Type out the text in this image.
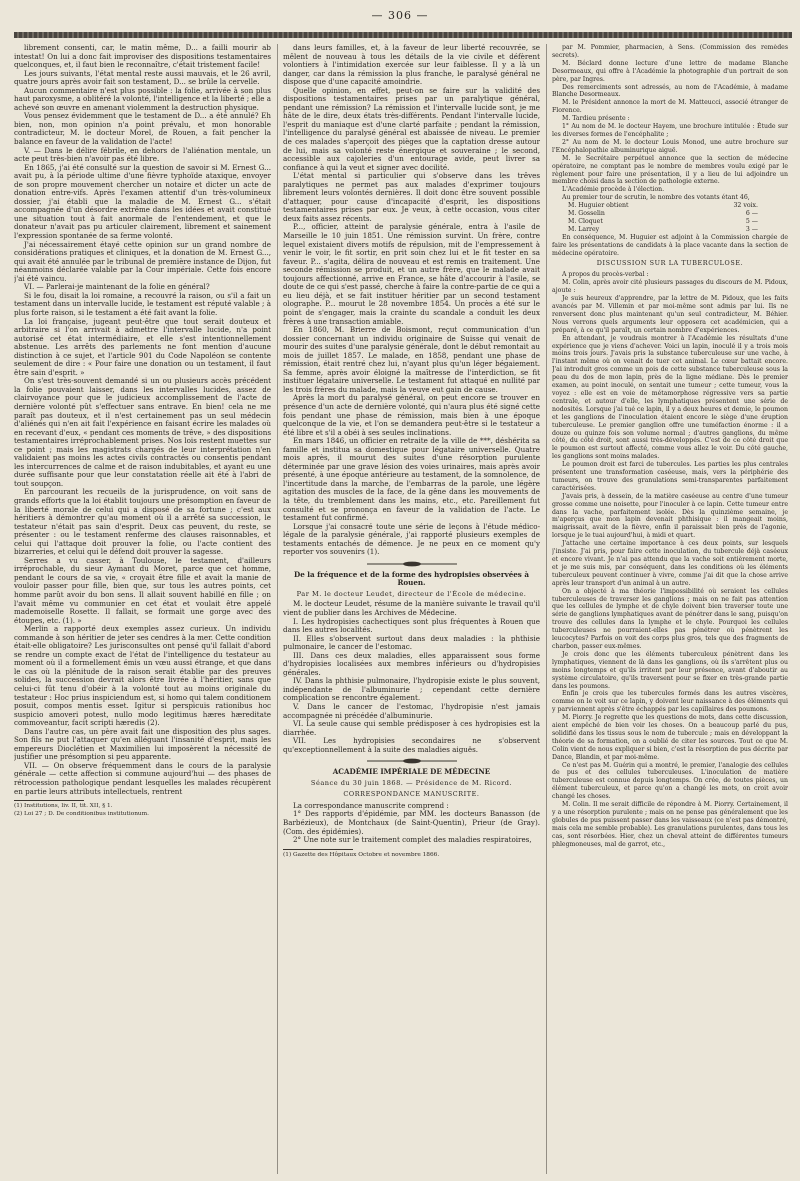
— 306 —

librement consenti, car, le matin même, D... a failli mourir ab intestat! On lui a donc fait improviser des dispositions testamentaires quelconques, et, il faut bien le reconnaître, c'était tristement facile!

Les jours suivants, l'état mental reste aussi mauvais, et le 26 avril, quatre jours après avoir fait son testament, D... se brûle la cervelle.

Aucun commentaire n'est plus possible : la folie, arrivée à son plus haut paroxysme, a oblitéré la volonté, l'intelligence et la liberté ; elle a achevé son œuvre en amenant violemment la destruction physique.

Vous pensez évidemment que le testament de D... a été annulé? Eh bien, non, mon opinion n'a point prévalu, et mon honorable contradicteur, M. le docteur Morel, de Rouen, a fait pencher la balance en faveur de la validation de l'acte!

V. — Dans le délire fébrile, en dehors de l'aliénation mentale, un acte peut très-bien n'avoir pas été libre.

En 1865, j'ai été consulté sur la question de savoir si M. Ernest G... avait pu, à la période ultime d'une fièvre typhoïde ataxique, envoyer de son propre mouvement chercher un notaire et dicter un acte de donation entre-vifs. Après l'examen attentif d'un très-volumineux dossier, j'ai établi que la maladie de M. Ernest G... s'était accompagnée d'un désordre extrême dans les idées et avait constitué une situation tout à fait anormale de l'entendement, et que le donateur n'avait pas pu articuler clairement, librement et sainement l'expression spontanée de sa ferme volonté.

J'ai nécessairement étayé cette opinion sur un grand nombre de considérations pratiques et cliniques, et la donation de M. Ernest G..., qui avait été annulée par le tribunal de première instance de Dijon, fut néanmoins déclarée valable par la Cour impériale. Cette fois encore j'ai été vaincu.

VI. — Parlerai-je maintenant de la folie en général?

Si le fou, disait la loi romaine, a recouvré la raison, ou s'il a fait un testament dans un intervalle lucide, le testament est réputé valable ; à plus forte raison, si le testament a été fait avant la folie.

La loi française, jugeant peut-être que tout serait douteux et arbitraire si l'on arrivait à admettre l'intervalle lucide, n'a point autorisé cet état intermédiaire, et elle s'est intentionnellement abstenue. Les arrêts des parlements ne font mention d'aucune distinction à ce sujet, et l'article 901 du Code Napoléon se contente seulement de dire : « Pour faire une donation ou un testament, il faut être sain d'esprit. »

On s'est très-souvent demandé si un ou plusieurs accès précédent la folie pouvaient laisser, dans les intervalles lucides, assez de clairvoyance pour que le judicieux accomplissement de l'acte de dernière volonté pût s'effectuer sans entrave. En bien! cela ne me paraît pas douteux, et il n'est certainement pas un seul médecin d'aliénés qui n'en ait fait l'expérience en faisant écrire les malades où en recevant d'eux, « pendant ces moments de trêve, » des dispositions testamentaires irréprochablement prises. Nos lois restent muettes sur ce point ; mais les magistrats chargés de leur interprétation n'en validaient pas moins les actes civils contractés ou consentis pendant les intercurrences de calme et de raison indubitables, et ayant eu une durée suffisante pour que leur constatation réelle ait été à l'abri de tout soupçon.

En parcourant les recueils de la jurisprudence, on voit sans de grands efforts que la loi établit toujours une présomption en faveur de la liberté morale de celui qui a disposé de sa fortune ; c'est aux héritiers à démontrer qu'au moment où il a arrêté sa succession, le testateur n'était pas sain d'esprit. Deux cas peuvent, du reste, se présenter : ou le testament renferme des clauses raisonnables, et celui qui l'attaque doit prouver la folie, ou l'acte contient des bizarreries, et celui qui le défend doit prouver la sagesse.

Serres a vu casser, à Toulouse, le testament, d'ailleurs irréprochable, du sieur Aymant du Moret, parce que cet homme, pendant le cours de sa vie, « croyait être fille et avait la manie de vouloir passer pour fille, bien que, sur tous les autres points, cet homme parût avoir du bon sens. Il allait souvent habillé en fille ; on l'avait même vu communier en cet état et voulait être appelé mademoiselle Rosette. Il fallait, se formait une gorge avec des étoupes, etc. (1). »

Merlin a rapporté deux exemples assez curieux. Un individu commande à son héritier de jeter ses cendres à la mer. Cette condition était-elle obligatoire? Les jurisconsultes ont pensé qu'il fallait d'abord se rendre un compte exact de l'état de l'intelligence du testateur au moment où il a formellement émis un vœu aussi étrange, et que dans le cas où la plénitude de la raison serait établie par des preuves solides, la succession devrait alors être livrée à l'héritier, sans que celui-ci fût tenu d'obéir à la volonté tout au moins originale du testateur : Hoc prius inspiciendum est, si homo qui talem conditionem posuit, compos mentis esset. Igitur si perspicuis rationibus hoc suspicio amoveri potest, nullo modo legitimus hæres hæreditate commoveantur, facit scripti hæredis (2).

Dans l'autre cas, un père avait fait une disposition des plus sages. Son fils ne put l'attaquer qu'en alléguant l'insanité d'esprit, mais les empereurs Dioclétien et Maximilien lui imposèrent la nécessité de justifier une présomption si peu apparente.

VII. — On observe fréquemment dans le cours de la paralysie générale — cette affection si commune aujourd'hui — des phases de rétrocession pathologique pendant lesquelles les malades récupèrent en partie leurs attributs intellectuels, rentrent

(1) Institutions, liv. II, tit. XII, § 1.

(2) Loi 27 ; D. De conditionibus institutionum.

dans leurs familles, et, à la faveur de leur liberté recouvrée, se mêlent de nouveau à tous les détails de la vie civile et défèrent volontiers à l'intimidation exercée sur leur faiblesse. Il y a là un danger, car dans la rémission la plus franche, le paralysé général ne dispose que d'une capacité amoindrie.

Quelle opinion, en effet, peut-on se faire sur la validité des dispositions testamentaires prises par un paralytique général, pendant une rémission? La rémission et l'intervalle lucide sont, je me hâte de le dire, deux états très-différents. Pendant l'intervalle lucide, l'esprit du maniaque est d'une clarté parfaite ; pendant la rémission, l'intelligence du paralysé général est abaissée de niveau. Le premier de ces malades s'aperçoit des pièges que la captation dresse autour de lui, mais sa volonté reste énergique et souveraine ; le second, accessible aux cajoleries d'un entourage avide, peut livrer sa confiance à qui la veut et signer avec docilité.

L'état mental si particulier qui s'observe dans les trêves paralytiques ne permet pas aux malades d'exprimer toujours librement leurs volontés dernières. Il doit donc être souvent possible d'attaquer, pour cause d'incapacité d'esprit, les dispositions testamentaires prises par eux. Je veux, à cette occasion, vous citer deux faits assez récents.

P..., officier, atteint de paralysie générale, entra à l'asile de Marseille le 10 juin 1851. Une rémission survint. Un frère, contre lequel existaient divers motifs de répulsion, mit de l'empressement à venir le voir, le fit sortir, en prit soin chez lui et le fit tester en sa faveur. P... s'agita, délira de nouveau et est remis en traitement. Une seconde rémission se produit, et un autre frère, que le malade avait toujours affectionné, arrive en France, se hâte d'accourir à l'asile, se doute de ce qui s'est passé, cherche à faire la contre-partie de ce qui a eu lieu déjà, et se fait instituer héritier par un second testament olographe. P... mourut le 28 novembre 1854. Un procès a été sur le point de s'engager, mais la crainte du scandale a conduit les deux frères à une transaction amiable.

En 1860, M. Brierre de Boismont, reçut communication d'un dossier concernant un individu originaire de Suisse qui venait de mourir des suites d'une paralysie générale, dont le début remontait au mois de juillet 1857. Le malade, en 1858, pendant une phase de rémission, était rentré chez lui, n'ayant plus qu'un léger bégaiement. Sa femme, après avoir éloigné la maîtresse de l'interdiction, se fit instituer légataire universelle. Le testament fut attaqué en nullité par les trois frères du malade, mais la veuve eut gain de cause.

Après la mort du paralysé général, on peut encore se trouver en présence d'un acte de dernière volonté, qui n'aura plus été signé cette fois pendant une phase de rémission, mais bien à une époque quelconque de la vie, et l'on se demandera peut-être si le testateur a été libre et s'il a obéi à ses seules inclinations.

En mars 1846, un officier en retraite de la ville de ***, déshérita sa famille et institua sa domestique pour légataire universelle. Quatre mois après, il mourut des suites d'une résorption purulente déterminée par une grave lésion des voies urinaires, mais après avoir présenté, à une époque antérieure au testament, de la somnolence, de l'incertitude dans la marche, de l'embarras de la parole, une légère agitation des muscles de la face, de la gêne dans les mouvements de la tête, du tremblement dans les mains, etc., etc. Pareillement fut consulté et se prononça en faveur de la validation de l'acte. Le testament fut confirmé.

Lorsque j'ai consacré toute une série de leçons à l'étude médico-légale de la paralysie générale, j'ai rapporté plusieurs exemples de testaments entachés de démence. Je ne peux en ce moment qu'y reporter vos souvenirs (1).

De la fréquence et de la forme des hydropisies observées à Rouen.

Par M. le docteur Leudet, directeur de l'École de médecine.

M. le docteur Leudet, résume de la manière suivante le travail qu'il vient de publier dans les Archives de Médecine.

I. Les hydropisies cachectiques sont plus fréquentes à Rouen que dans les autres localités.

II. Elles s'observent surtout dans deux maladies : la phthisie pulmonaire, le cancer de l'estomac.

III. Dans ces deux maladies, elles apparaissent sous forme d'hydropisies localisées aux membres inférieurs ou d'hydropisies générales.

IV. Dans la phthisie pulmonaire, l'hydropisie existe le plus souvent, indépendante de l'albuminurie ; cependant cette dernière complication se rencontre également.

V. Dans le cancer de l'estomac, l'hydropisie n'est jamais accompagnée ni précédée d'albuminurie.

VI. La seule cause qui semble prédisposer à ces hydropisies est la diarrhée.

VII. Les hydropisies secondaires ne s'observent qu'exceptionnellement à la suite des maladies aiguës.

ACADÉMIE IMPÉRIALE DE MÉDECINE

Séance du 30 juin 1868. — Présidence de M. Ricord.

CORRESPONDANCE MANUSCRITE.

La correspondance manuscrite comprend :

1° Des rapports d'épidémie, par MM. les docteurs Banasson (de Barbézieux), de Montchaux (de Saint-Quentin), Prieur (de Gray). (Com. des épidémies).

2° Une note sur le traitement complet des maladies respiratoires,

(1) Gazette des Hôpitaux Octobre et novembre 1866.

par M. Pommier, pharmacien, à Sens. (Commission des remèdes secrets).

M. Béclard donne lecture d'une lettre de madame Blanche Desormeaux, qui offre à l'Académie la photographie d'un portrait de son père, par Ingres.

Des remerciments sont adressés, au nom de l'Académie, à madame Blanche Desormeaux.

M. le Président annonce la mort de M. Matteucci, associé étranger de Florence.

M. Tardieu présente :

1° Au nom de M. le docteur Hayem, une brochure intitulée : Étude sur les diverses formes de l'encéphalite ;

2° Au nom de M. le docteur Louis Monod, une autre brochure sur l'Encéphalopathie albuminurique aiguë.

M. le Secrétaire perpétuel annonce que la section de médecine opératoire, ne comptant pas le nombre de membres voulu exigé par le règlement pour faire une présentation, il y a lieu de lui adjoindre un membre choisi dans la section de pathologie externe.

L'Académie procède à l'élection.

Au premier tour de scrutin, le nombre des votants étant 46,

M. Huguier obtient	32 voix.
M. Gosselin	6 —
M. Cloquet	5 —
M. Larrey	3 —

En conséquence, M. Huguier est adjoint à la Commission chargée de faire les présentations de candidats à la place vacante dans la section de médecine opératoire.

DISCUSSION SUR LA TUBERCULOSE.

A propos du procès-verbal :

M. Colin, après avoir cité plusieurs passages du discours de M. Pidoux, ajoute :

Je suis heureux d'apprendre, par la lettre de M. Pidoux, que les faits avancés par M. Villemin et par moi-même sont admis par lui. Ils ne renversent donc plus maintenant qu'un seul contradicteur, M. Béhier. Nous verrons quels arguments leur opposera cet académicien, qui a préparé, à ce qu'il paraît, un certain nombre d'expériences.

En attendant, je voudrais montrer à l'Académie les résultats d'une expérience que je viens d'achever. Voici un lapin, inoculé il y a trois mois moins trois jours. J'avais pris la substance tuberculeuse sur une vache, à l'instant même où on venait de tuer cet animal. Le cœur battait encore. J'ai introduit gros comme un pois de cette substance tuberculeuse sous la peau du dos de mon lapin, près de la ligne médiane. Dès le premier examen, au point inoculé, on sentait une tumeur ; cette tumeur, vous la voyez : elle est en voie de métamorphose régressive vers sa partie centrale, et autour d'elle, les lymphatiques présentent une série de nodosités. Lorsque j'ai tué ce lapin, il y a deux heures et demie, le poumon et les ganglions de l'inoculation étaient encore le siège d'une éruption tuberculeuse. Le premier ganglion offre une tuméfaction énorme : il a douze ou quinze fois son volume normal ; d'autres ganglions, du même côté, du côté droit, sont aussi très-développés. C'est de ce côté droit que le poumon est surtout affecté, comme vous allez le voir. Du côté gauche, les ganglions sont moins malades.

Le poumon droit est farci de tubercules. Les parties les plus centrales présentent une transformation caséeuse, mais, vers la périphérie des tumeurs, on trouve des granulations semi-transparentes parfaitement caractérisées.

J'avais pris, à dessein, de la matière caséeuse au centre d'une tumeur grosse comme une noisette, pour l'inoculer à ce lapin. Cette tumeur entre dans la vache, parfaitement isolée. Dès la quinzième semaine, je m'aperçus que mon lapin devenait phthisique : il mangeait moins, maigrissait, avait de la fièvre, enfin il paraissait bien près de l'agonie, lorsque je le tuai aujourd'hui, à midi et quart.

J'attache une certaine importance à ces deux points, sur lesquels j'insiste. J'ai pris, pour faire cette inoculation, du tubercule déjà caséeux et encore vivant. Je n'ai pas attendu que la vache soit entièrement morte, et je me suis mis, par conséquent, dans les conditions où les éléments tuberculeux peuvent continuer à vivre, comme j'ai dit que la chose arrive après leur transport d'un animal à un autre.

On a objecté à ma théorie l'impossibilité où seraient les cellules tuberculeuses de traverser les ganglions ; mais on ne fait pas attention que les cellules de lymphe et de chyle doivent bien traverser toute une série de ganglions lymphatiques avant de pénétrer dans le sang, puisqu'on trouve des cellules dans la lymphe et le chyle. Pourquoi les cellules tuberculeuses ne pourraient-elles pas pénétrer où pénètrent les leucocytes? Parfois on voit des corps plus gros, tels que des fragments de charbon, passer eux-mêmes.

Je crois donc que les éléments tuberculeux pénètrent dans les lymphatiques, viennent de là dans les ganglions, où ils s'arrêtent plus ou moins longtemps et qu'ils irritent par leur présence, avant d'aboutir au système circulatoire, qu'ils traversent pour se fixer en très-grande partie dans les poumons.

Enfin je crois que les tubercules formés dans les autres viscères, comme on le voit sur ce lapin, y doivent leur naissance à des éléments qui y parviennent après s'être échappés par les capillaires des poumons.

M. Piorry. Je regrette que les questions de mots, dans cette discussion, aient empêché de bien voir les choses. On a beaucoup parlé du pus, solidifié dans les tissus sous le nom de tubercule ; mais en développant la théorie de sa formation, on a oublié de citer les sources. Tout ce que M. Colin vient de nous expliquer si bien, c'est la résorption de pus décrite par Dance, Blandin, et par moi-même.

Ce n'est pas M. Guérin qui a montré, le premier, l'analogie des cellules de pus et des cellules tuberculeuses. L'inoculation de matière tuberculeuse est connue depuis longtemps. On crée, de toutes pièces, un élément tuberculeux, et parce qu'on a changé les mots, on croit avoir changé les choses.

M. Colin. Il me serait difficile de répondre à M. Piorry. Certainement, il y a une résorption purulente ; mais on ne pense pas généralement que les globules de pus puissent passer dans les vaisseaux (ce n'est pas démontré, mais cela me semble probable). Les granulations purulentes, dans tous les cas, sont résorbées. Hier, chez un cheval atteint de différentes tumeurs phlegmoneuses, mal de garrot, etc.,
